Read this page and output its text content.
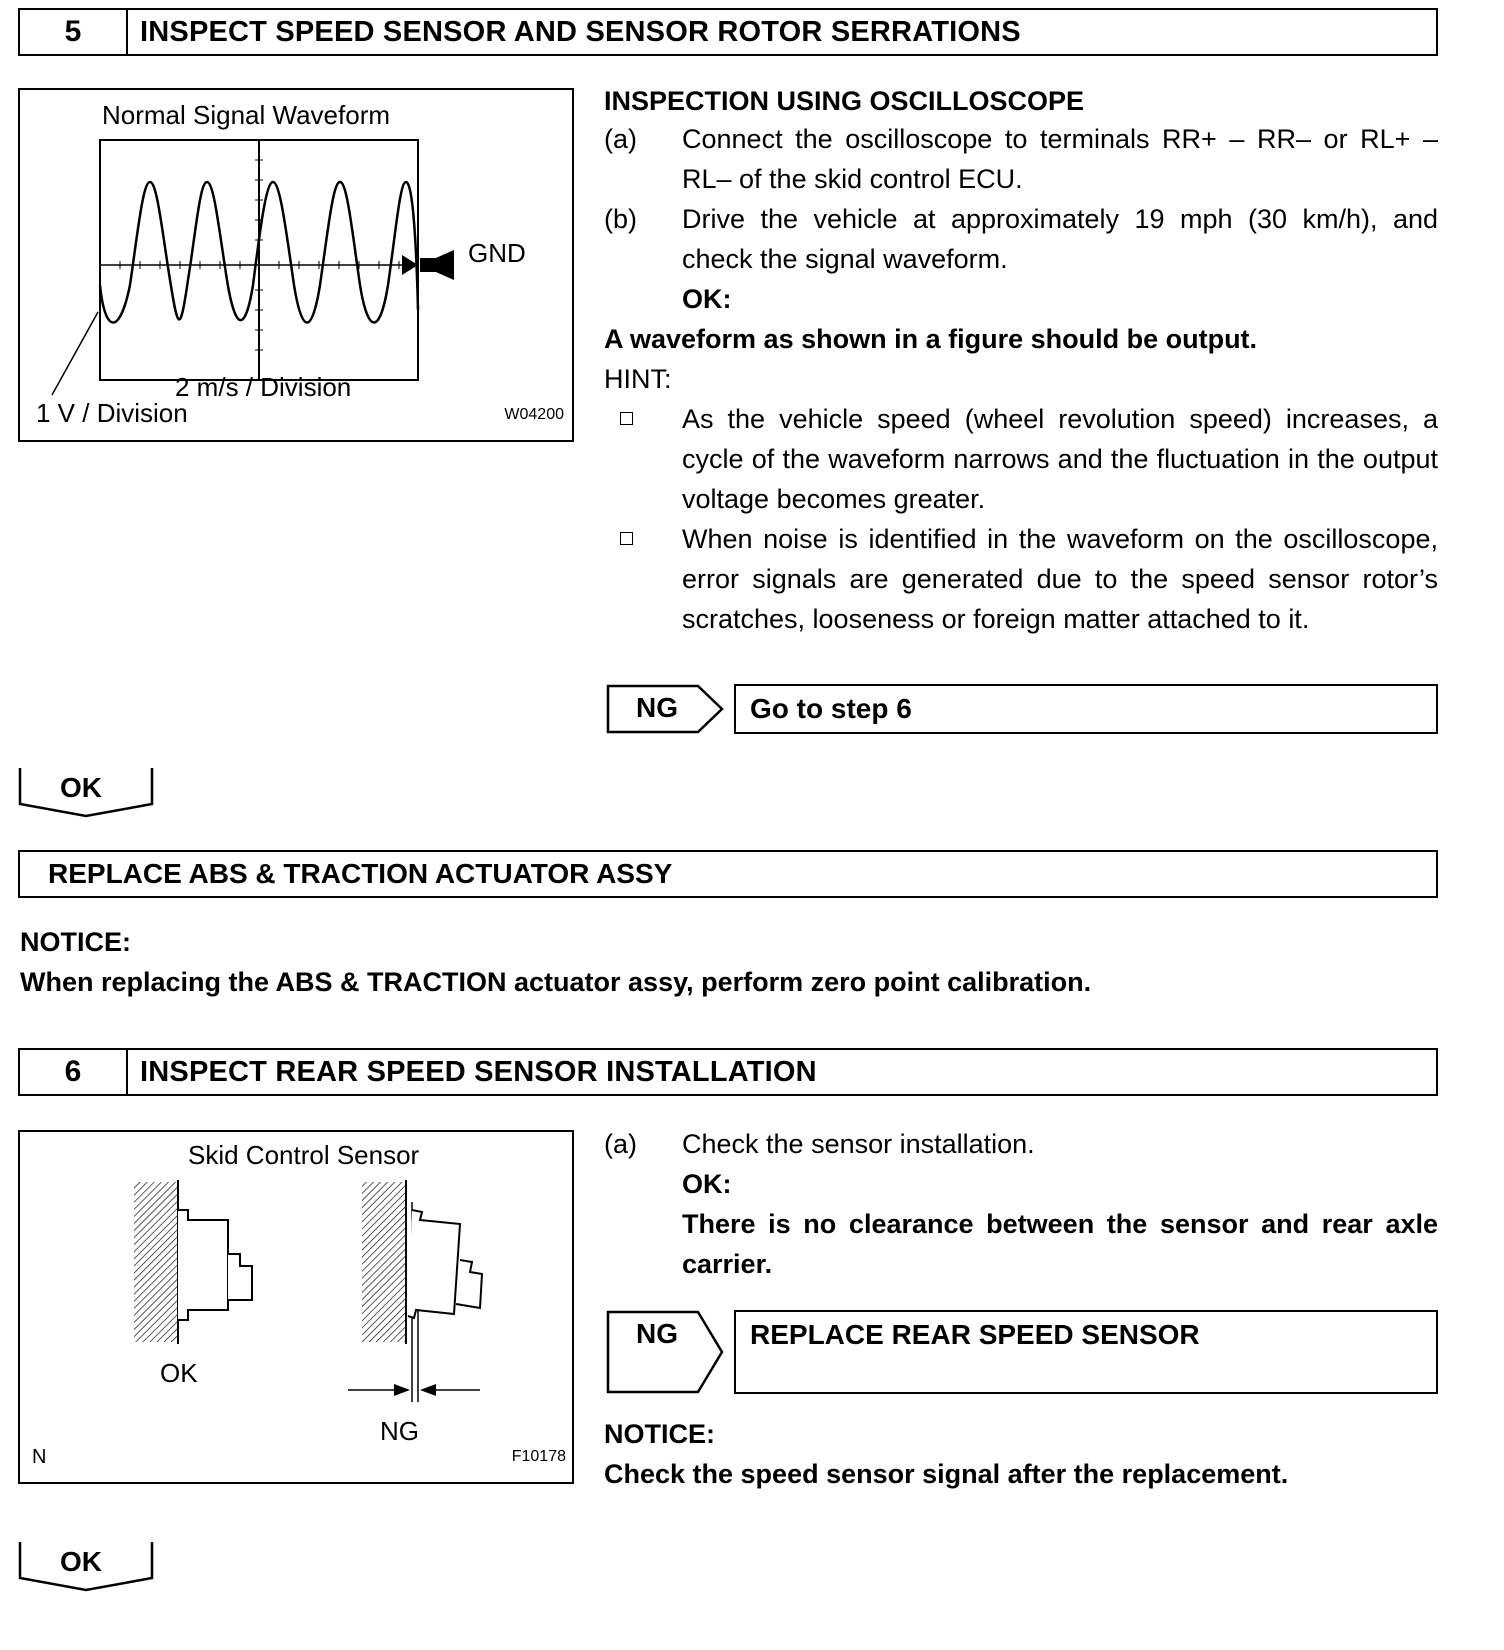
5	INSPECT SPEED SENSOR AND SENSOR ROTOR SERRATIONS
Normal Signal Waveform
GND
2 m/s / Division
1 V / Division	W04200
INSPECTION USING OSCILLOSCOPE
(a) Connect the oscilloscope to terminals RR+ – RR– or RL+ – RL– of the skid control ECU.
(b) Drive the vehicle at approximately 19 mph (30 km/h), and check the signal waveform.
OK:
A waveform as shown in a figure should be output.
HINT:
As the vehicle speed (wheel revolution speed) increases, a cycle of the waveform narrows and the fluctuation in the output voltage becomes greater.
When noise is identified in the waveform on the oscilloscope, error signals are generated due to the speed sensor rotor’s scratches, looseness or foreign matter attached to it.
NG	Go to step 6
OK
REPLACE ABS & TRACTION ACTUATOR ASSY
NOTICE:
When replacing the ABS & TRACTION actuator assy, perform zero point calibration.
6	INSPECT REAR SPEED SENSOR INSTALLATION
Skid Control Sensor
OK
NG
N	F10178
(a) Check the sensor installation.
OK:
There is no clearance between the sensor and rear axle carrier.
NG	REPLACE REAR SPEED SENSOR
NOTICE:
Check the speed sensor signal after the replacement.
OK
